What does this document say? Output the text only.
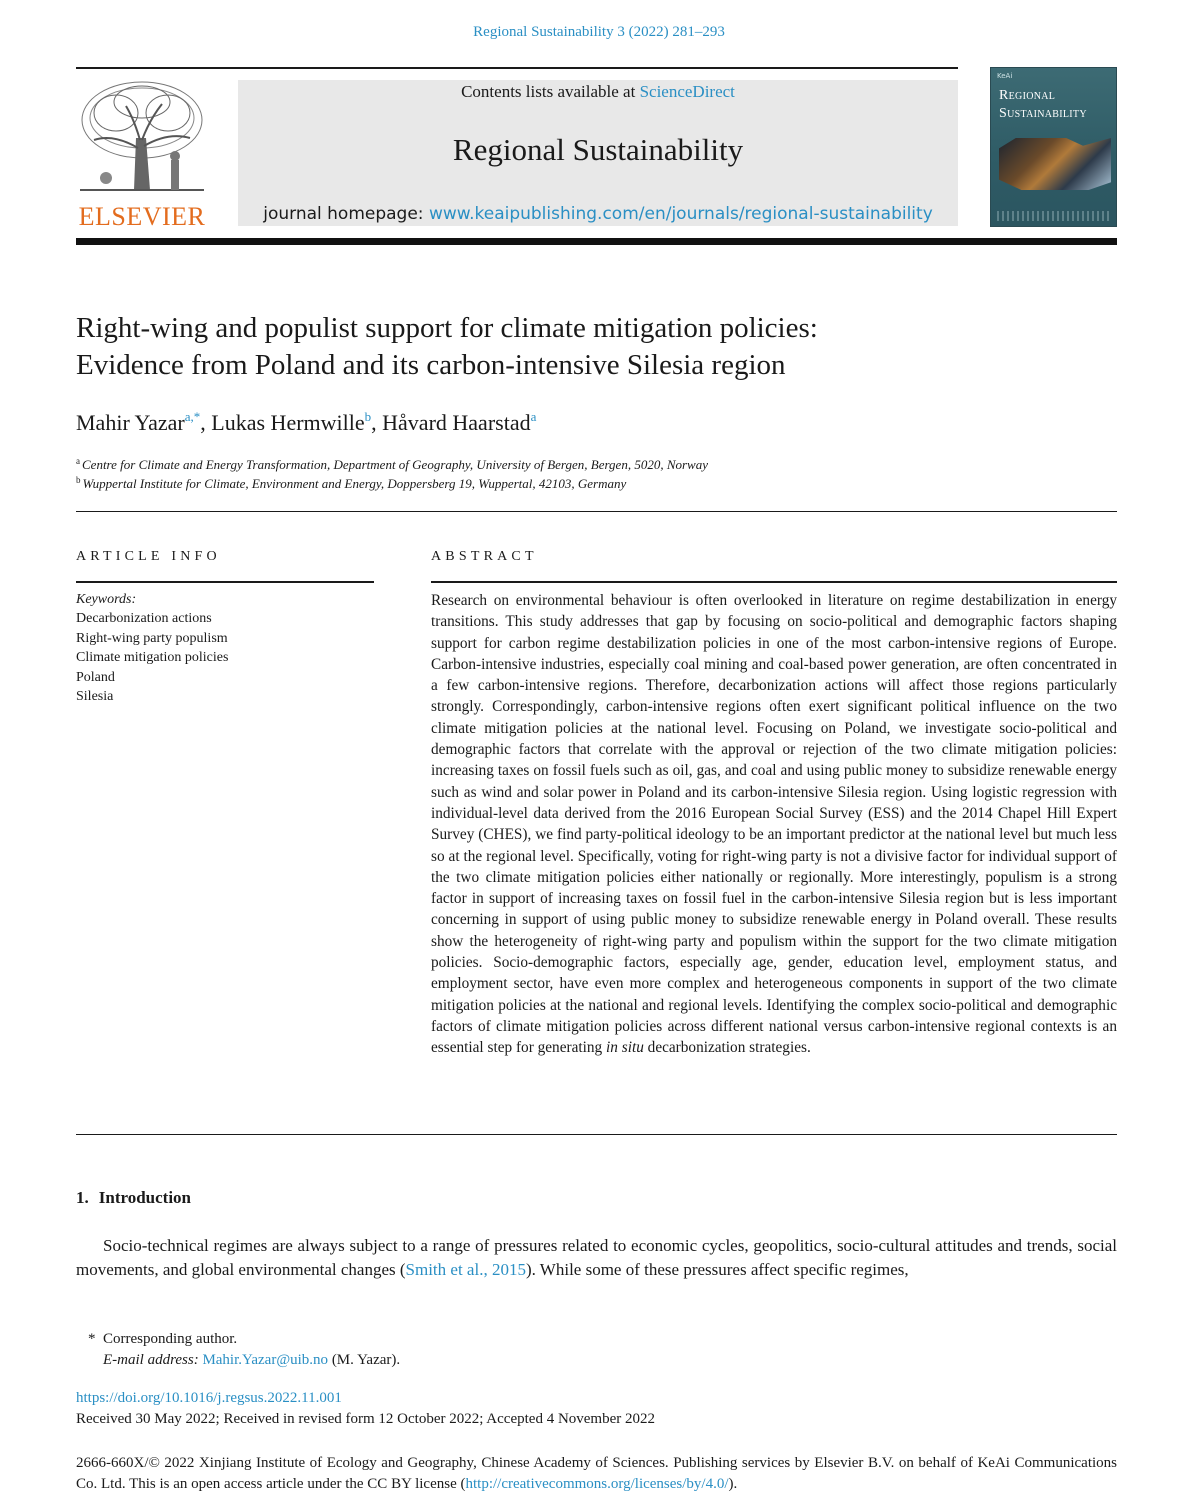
Regional Sustainability 3 (2022) 281–293
ELSEVIER
Contents lists available at ScienceDirect
Regional Sustainability
journal homepage: www.keaipublishing.com/en/journals/regional-sustainability
KeAi
Regional
Sustainability
Right-wing and populist support for climate mitigation policies:
Evidence from Poland and its carbon-intensive Silesia region
Mahir Yazar$^{a,*}$, Lukas Hermwille$^b$, Håvard Haarstad$^a$
$^a$ Centre for Climate and Energy Transformation, Department of Geography, University of Bergen, Bergen, 5020, Norway
$^b$ Wuppertal Institute for Climate, Environment and Energy, Doppersberg 19, Wuppertal, 42103, Germany
ARTICLE INFO	ABSTRACT
Keywords:
Decarbonization actions
Right-wing party populism
Climate mitigation policies
Poland
Silesia
Research on environmental behaviour is often overlooked in literature on regime destabilization in energy transitions. This study addresses that gap by focusing on socio-political and demographic factors shaping support for carbon regime destabilization policies in one of the most carbon-intensive regions of Europe. Carbon-intensive industries, especially coal mining and coal-based power generation, are often concentrated in a few carbon-intensive regions. Therefore, decarbonization actions will affect those regions particularly strongly. Correspondingly, carbon-intensive regions often exert significant political influence on the two climate mitigation policies at the national level. Focusing on Poland, we investigate socio-political and demographic factors that correlate with the approval or rejection of the two climate mitigation policies: increasing taxes on fossil fuels such as oil, gas, and coal and using public money to subsidize renewable energy such as wind and solar power in Poland and its carbon-intensive Silesia region. Using logistic regression with individual-level data derived from the 2016 European Social Survey (ESS) and the 2014 Chapel Hill Expert Survey (CHES), we find party-political ideology to be an important predictor at the national level but much less so at the regional level. Specifically, voting for right-wing party is not a divisive factor for individual support of the two climate mitigation policies either nationally or regionally. More interestingly, populism is a strong factor in support of increasing taxes on fossil fuel in the carbon-intensive Silesia region but is less important concerning in support of using public money to subsidize renewable energy in Poland overall. These results show the heterogeneity of right-wing party and populism within the support for the two climate mitigation policies. Socio-demographic factors, especially age, gender, education level, employment status, and employment sector, have even more complex and heterogeneous components in support of the two climate mitigation policies at the national and regional levels. Identifying the complex socio-political and demographic factors of climate mitigation policies across different national versus carbon-intensive regional contexts is an essential step for generating in situ decarbonization strategies.
1. Introduction
Socio-technical regimes are always subject to a range of pressures related to economic cycles, geopolitics, socio-cultural attitudes and trends, social movements, and global environmental changes (Smith et al., 2015). While some of these pressures affect specific regimes,
* Corresponding author.
E-mail address: Mahir.Yazar@uib.no (M. Yazar).
https://doi.org/10.1016/j.regsus.2022.11.001
Received 30 May 2022; Received in revised form 12 October 2022; Accepted 4 November 2022
2666-660X/© 2022 Xinjiang Institute of Ecology and Geography, Chinese Academy of Sciences. Publishing services by Elsevier B.V. on behalf of KeAi Communications Co. Ltd. This is an open access article under the CC BY license (http://creativecommons.org/licenses/by/4.0/).
